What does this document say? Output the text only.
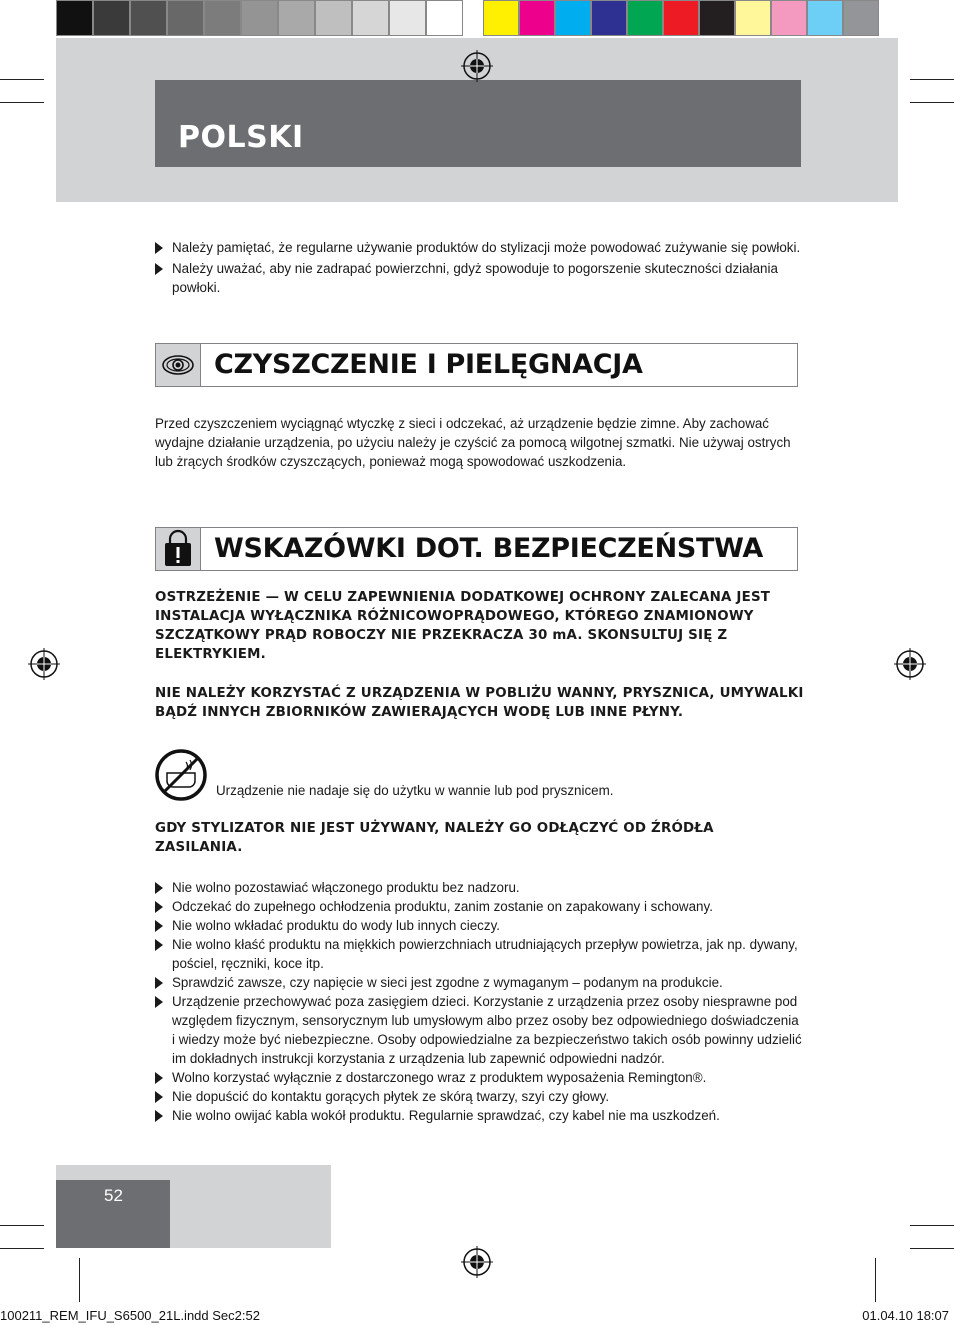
POLSKI
Należy pamiętać, że regularne używanie produktów do stylizacji może powodować zużywanie się powłoki.
Należy uważać, aby nie zadrapać powierzchni, gdyż spowoduje to pogorszenie skuteczności działania powłoki.
CZYSZCZENIE I PIELĘGNACJA
Przed czyszczeniem wyciągnąć wtyczkę z sieci i odczekać, aż urządzenie będzie zimne. Aby zachować wydajne działanie urządzenia, po użyciu należy je czyścić za pomocą wilgotnej szmatki. Nie używaj ostrych lub żrących środków czyszczących, ponieważ mogą spowodować uszkodzenia.
WSKAZÓWKI DOT. BEZPIECZEŃSTWA
OSTRZEŻENIE — W CELU ZAPEWNIENIA DODATKOWEJ OCHRONY ZALECANA JEST INSTALACJA WYŁĄCZNIKA RÓŻNICOWOPRĄDOWEGO, KTÓREGO ZNAMIONOWY SZCZĄTKOWY PRĄD ROBOCZY NIE PRZEKRACZA 30 mA. SKONSULTUJ SIĘ Z ELEKTRYKIEM.
NIE NALEŻY KORZYSTAĆ Z URZĄDZENIA W POBLIŻU WANNY, PRYSZNICA, UMYWALKI BĄDŹ INNYCH ZBIORNIKÓW ZAWIERAJĄCYCH WODĘ LUB INNE PŁYNY.
Urządzenie nie nadaje się do użytku w wannie lub pod prysznicem.
GDY STYLIZATOR NIE JEST UŻYWANY, NALEŻY GO ODŁĄCZYĆ OD ŹRÓDŁA ZASILANIA.
Nie wolno pozostawiać włączonego produktu bez nadzoru.
Odczekać do zupełnego ochłodzenia produktu, zanim zostanie on zapakowany i schowany.
Nie wolno wkładać produktu do wody lub innych cieczy.
Nie wolno kłaść produktu na miękkich powierzchniach utrudniających przepływ powietrza, jak np. dywany, pościel, ręczniki, koce itp.
Sprawdzić zawsze, czy napięcie w sieci jest zgodne z wymaganym – podanym na produkcie.
Urządzenie przechowywać poza zasięgiem dzieci. Korzystanie z urządzenia przez osoby niesprawne pod względem fizycznym, sensorycznym lub umysłowym albo przez osoby bez odpowiedniego doświadczenia i wiedzy może być niebezpieczne. Osoby odpowiedzialne za bezpieczeństwo takich osób powinny udzielić im dokładnych instrukcji korzystania z urządzenia lub zapewnić odpowiedni nadzór.
Wolno korzystać wyłącznie z dostarczonego wraz z produktem wyposażenia Remington®.
Nie dopuścić do kontaktu gorących płytek ze skórą twarzy, szyi czy głowy.
Nie wolno owijać kabla wokół produktu. Regularnie sprawdzać, czy kabel nie ma uszkodzeń.
52
100211_REM_IFU_S6500_21L.indd Sec2:52	01.04.10 18:07
